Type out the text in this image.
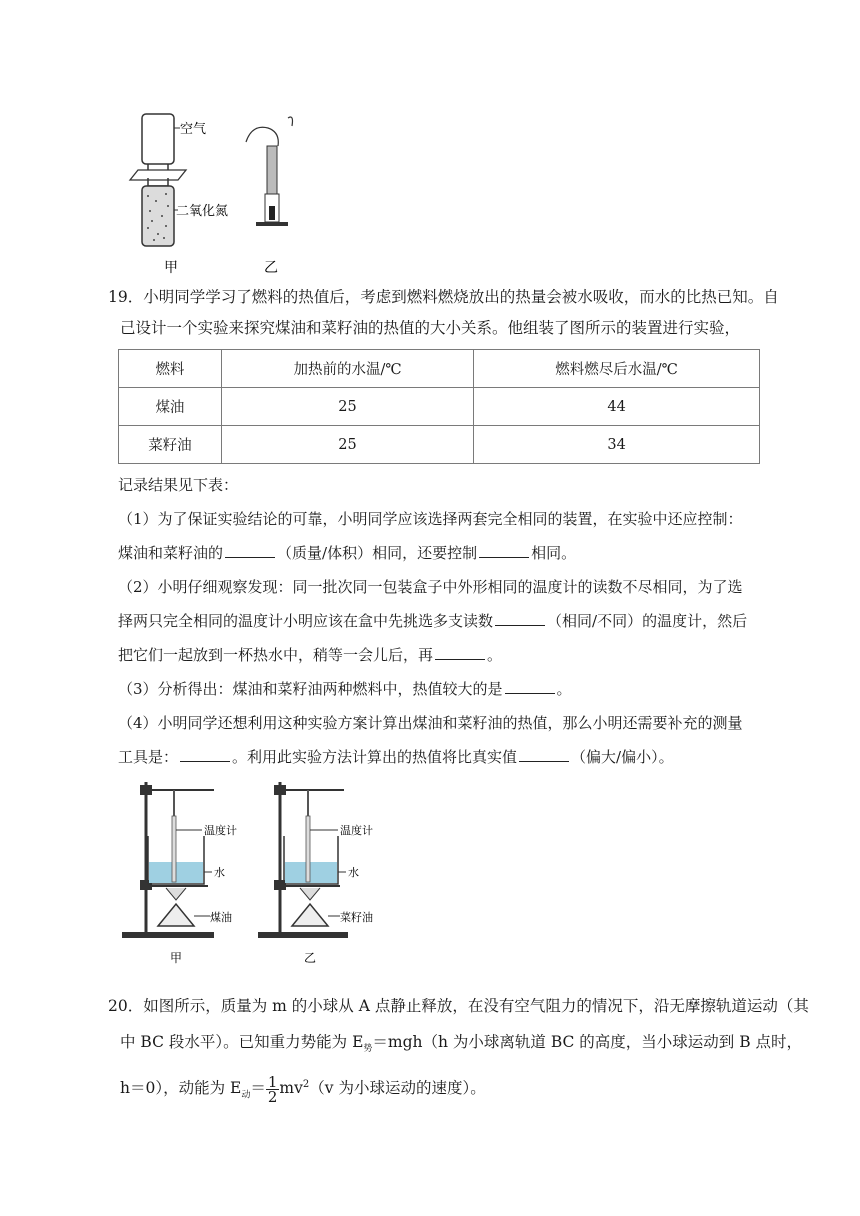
空气
二氧化氮
甲	乙
19．小明同学学习了燃料的热值后，考虑到燃料燃烧放出的热量会被水吸收，而水的比热已知。自
己设计一个实验来探究煤油和菜籽油的热值的大小关系。他组装了图所示的装置进行实验，
燃料	加热前的水温/℃	燃料燃尽后水温/℃
煤油	25	44
菜籽油	25	34
记录结果见下表：
（1）为了保证实验结论的可靠，小明同学应该选择两套完全相同的装置，在实验中还应控制：
煤油和菜籽油的	（质量/体积）相同，还要控制	相同。
（2）小明仔细观察发现：同一批次同一包装盒子中外形相同的温度计的读数不尽相同，为了选
择两只完全相同的温度计小明应该在盒中先挑选多支读数	（相同/不同）的温度计，然后
把它们一起放到一杯热水中，稍等一会儿后，再	。
（3）分析得出：煤油和菜籽油两种燃料中，热值较大的是	。
（4）小明同学还想利用这种实验方案计算出煤油和菜籽油的热值，那么小明还需要补充的测量
工具是：	。利用此实验方法计算出的热值将比真实值	（偏大/偏小）。
温度计
水
煤油
甲
温度计
水
菜籽油
乙
20．如图所示，质量为 m 的小球从 A 点静止释放，在没有空气阻力的情况下，沿无摩擦轨道运动（其
中 BC 段水平）。已知重力势能为 $E_势=mgh(h$ 为小球离轨道 BC 的高度，当小球运动到 B 点时，
h＝0），动能为 $E_动= \frac{1}{2} mv^2(v$ 为小球运动的速度）。
